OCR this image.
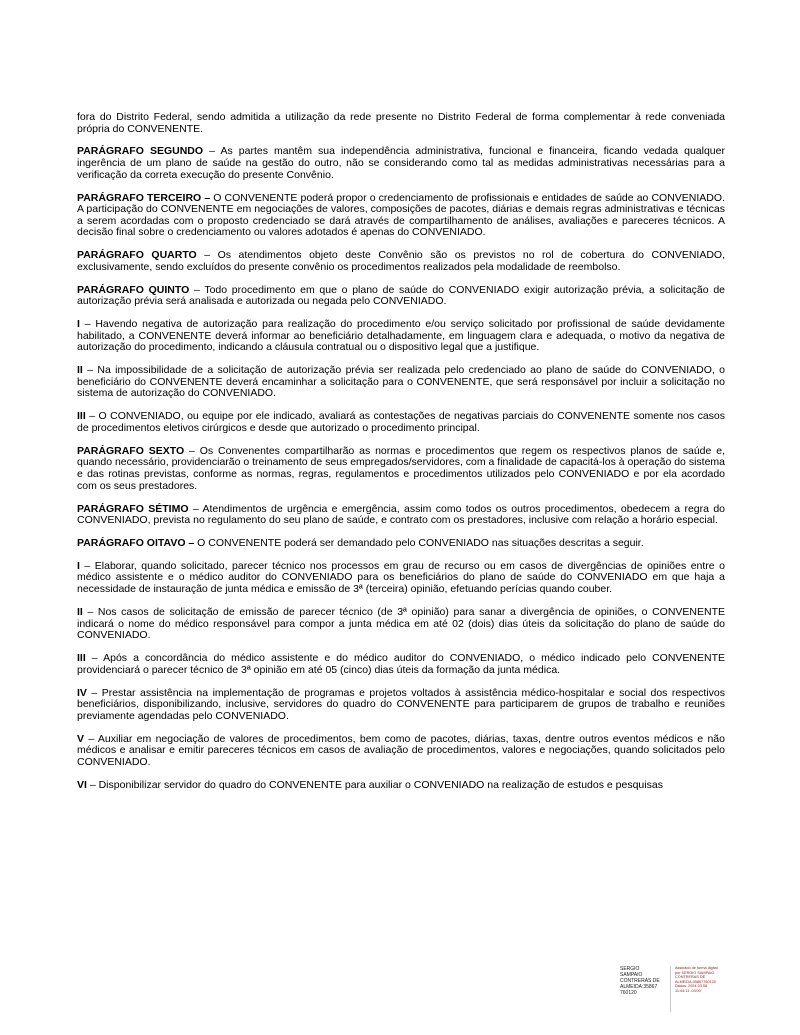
fora do Distrito Federal, sendo admitida a utilização da rede presente no Distrito Federal de forma complementar à rede conveniada própria do CONVENENTE.

PARÁGRAFO SEGUNDO – As partes mantêm sua independência administrativa, funcional e financeira, ficando vedada qualquer ingerência de um plano de saúde na gestão do outro, não se considerando como tal as medidas administrativas necessárias para a verificação da correta execução do presente Convênio.

PARÁGRAFO TERCEIRO – O CONVENENTE poderá propor o credenciamento de profissionais e entidades de saúde ao CONVENIADO. A participação do CONVENENTE em negociações de valores, composições de pacotes, diárias e demais regras administrativas e técnicas a serem acordadas com o proposto credenciado se dará através de compartilhamento de análises, avaliações e pareceres técnicos. A decisão final sobre o credenciamento ou valores adotados é apenas do CONVENIADO.

PARÁGRAFO QUARTO – Os atendimentos objeto deste Convênio são os previstos no rol de cobertura do CONVENIADO, exclusivamente, sendo excluídos do presente convênio os procedimentos realizados pela modalidade de reembolso.

PARÁGRAFO QUINTO – Todo procedimento em que o plano de saúde do CONVENIADO exigir autorização prévia, a solicitação de autorização prévia será analisada e autorizada ou negada pelo CONVENIADO.

I – Havendo negativa de autorização para realização do procedimento e/ou serviço solicitado por profissional de saúde devidamente habilitado, a CONVENENTE deverá informar ao beneficiário detalhadamente, em linguagem clara e adequada, o motivo da negativa de autorização do procedimento, indicando a cláusula contratual ou o dispositivo legal que a justifique.

II – Na impossibilidade de a solicitação de autorização prévia ser realizada pelo credenciado ao plano de saúde do CONVENIADO, o beneficiário do CONVENENTE deverá encaminhar a solicitação para o CONVENENTE, que será responsável por incluir a solicitação no sistema de autorização do CONVENIADO.

III – O CONVENIADO, ou equipe por ele indicado, avaliará as contestações de negativas parciais do CONVENENTE somente nos casos de procedimentos eletivos cirúrgicos e desde que autorizado o procedimento principal.

PARÁGRAFO SEXTO – Os Convenentes compartilharão as normas e procedimentos que regem os respectivos planos de saúde e, quando necessário, providenciarão o treinamento de seus empregados/servidores, com a finalidade de capacitá-los à operação do sistema e das rotinas previstas, conforme as normas, regras, regulamentos e procedimentos utilizados pelo CONVENIADO e por ela acordado com os seus prestadores.

PARÁGRAFO SÉTIMO – Atendimentos de urgência e emergência, assim como todos os outros procedimentos, obedecem a regra do CONVENIADO, prevista no regulamento do seu plano de saúde, e contrato com os prestadores, inclusive com relação a horário especial.

PARÁGRAFO OITAVO – O CONVENENTE poderá ser demandado pelo CONVENIADO nas situações descritas a seguir.

I – Elaborar, quando solicitado, parecer técnico nos processos em grau de recurso ou em casos de divergências de opiniões entre o médico assistente e o médico auditor do CONVENIADO para os beneficiários do plano de saúde do CONVENIADO em que haja a necessidade de instauração de junta médica e emissão de 3ª (terceira) opinião, efetuando perícias quando couber.

II – Nos casos de solicitação de emissão de parecer técnico (de 3ª opinião) para sanar a divergência de opiniões, o CONVENENTE indicará o nome do médico responsável para compor a junta médica em até 02 (dois) dias úteis da solicitação do plano de saúde do CONVENIADO.

III – Após a concordância do médico assistente e do médico auditor do CONVENIADO, o médico indicado pelo CONVENENTE providenciará o parecer técnico de 3ª opinião em até 05 (cinco) dias úteis da formação da junta médica.

IV – Prestar assistência na implementação de programas e projetos voltados à assistência médico-hospitalar e social dos respectivos beneficiários, disponibilizando, inclusive, servidores do quadro do CONVENENTE para participarem de grupos de trabalho e reuniões previamente agendadas pelo CONVENIADO.

V – Auxiliar em negociação de valores de procedimentos, bem como de pacotes, diárias, taxas, dentre outros eventos médicos e não médicos e analisar e emitir pareceres técnicos em casos de avaliação de procedimentos, valores e negociações, quando solicitados pelo CONVENIADO.

VI – Disponibilizar servidor do quadro do CONVENENTE para auxiliar o CONVENIADO na realização de estudos e pesquisas

SERGIO
SAMPAIO
CONTRERAS DE
ALMEIDA:35867
760120
Assinado de forma digital
por SERGIO SAMPAIO
CONTRERAS DE
ALMEIDA:35867760120
Dados: 2024.03.08
11:44:11 -03'00'
